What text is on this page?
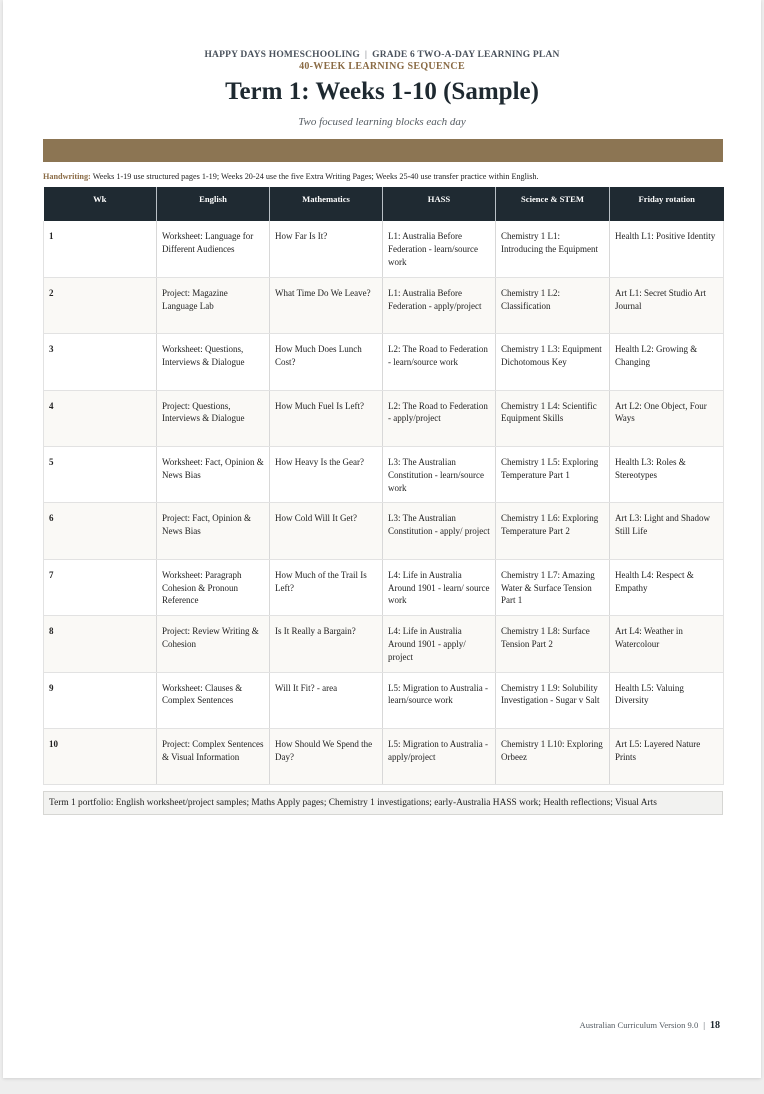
HAPPY DAYS HOMESCHOOLING | GRADE 6 TWO-A-DAY LEARNING PLAN
40-WEEK LEARNING SEQUENCE
Term 1: Weeks 1-10 (Sample)
Two focused learning blocks each day
Handwriting: Weeks 1-19 use structured pages 1-19; Weeks 20-24 use the five Extra Writing Pages; Weeks 25-40 use transfer practice within English.
Wk	English	Mathematics	HASS	Science & STEM	Friday rotation
1	Worksheet: Language for Different Audiences	How Far Is It?	L1: Australia Before Federation - learn/source work	Chemistry 1 L1: Introducing the Equipment	Health L1: Positive Identity
2	Project: Magazine Language Lab	What Time Do We Leave?	L1: Australia Before Federation - apply/project	Chemistry 1 L2: Classification	Art L1: Secret Studio Art Journal
3	Worksheet: Questions, Interviews & Dialogue	How Much Does Lunch Cost?	L2: The Road to Federation - learn/source work	Chemistry 1 L3: Equipment Dichotomous Key	Health L2: Growing & Changing
4	Project: Questions, Interviews & Dialogue	How Much Fuel Is Left?	L2: The Road to Federation - apply/project	Chemistry 1 L4: Scientific Equipment Skills	Art L2: One Object, Four Ways
5	Worksheet: Fact, Opinion & News Bias	How Heavy Is the Gear?	L3: The Australian Constitution - learn/source work	Chemistry 1 L5: Exploring Temperature Part 1	Health L3: Roles & Stereotypes
6	Project: Fact, Opinion & News Bias	How Cold Will It Get?	L3: The Australian Constitution - apply/ project	Chemistry 1 L6: Exploring Temperature Part 2	Art L3: Light and Shadow Still Life
7	Worksheet: Paragraph Cohesion & Pronoun Reference	How Much of the Trail Is Left?	L4: Life in Australia Around 1901 - learn/ source work	Chemistry 1 L7: Amazing Water & Surface Tension Part 1	Health L4: Respect & Empathy
8	Project: Review Writing & Cohesion	Is It Really a Bargain?	L4: Life in Australia Around 1901 - apply/ project	Chemistry 1 L8: Surface Tension Part 2	Art L4: Weather in Watercolour
9	Worksheet: Clauses & Complex Sentences	Will It Fit? - area	L5: Migration to Australia - learn/source work	Chemistry 1 L9: Solubility Investigation - Sugar v Salt	Health L5: Valuing Diversity
10	Project: Complex Sentences & Visual Information	How Should We Spend the Day?	L5: Migration to Australia - apply/project	Chemistry 1 L10: Exploring Orbeez	Art L5: Layered Nature Prints
Term 1 portfolio: English worksheet/project samples; Maths Apply pages; Chemistry 1 investigations; early-Australia HASS work; Health reflections; Visual Arts
Australian Curriculum Version 9.0 | 18
